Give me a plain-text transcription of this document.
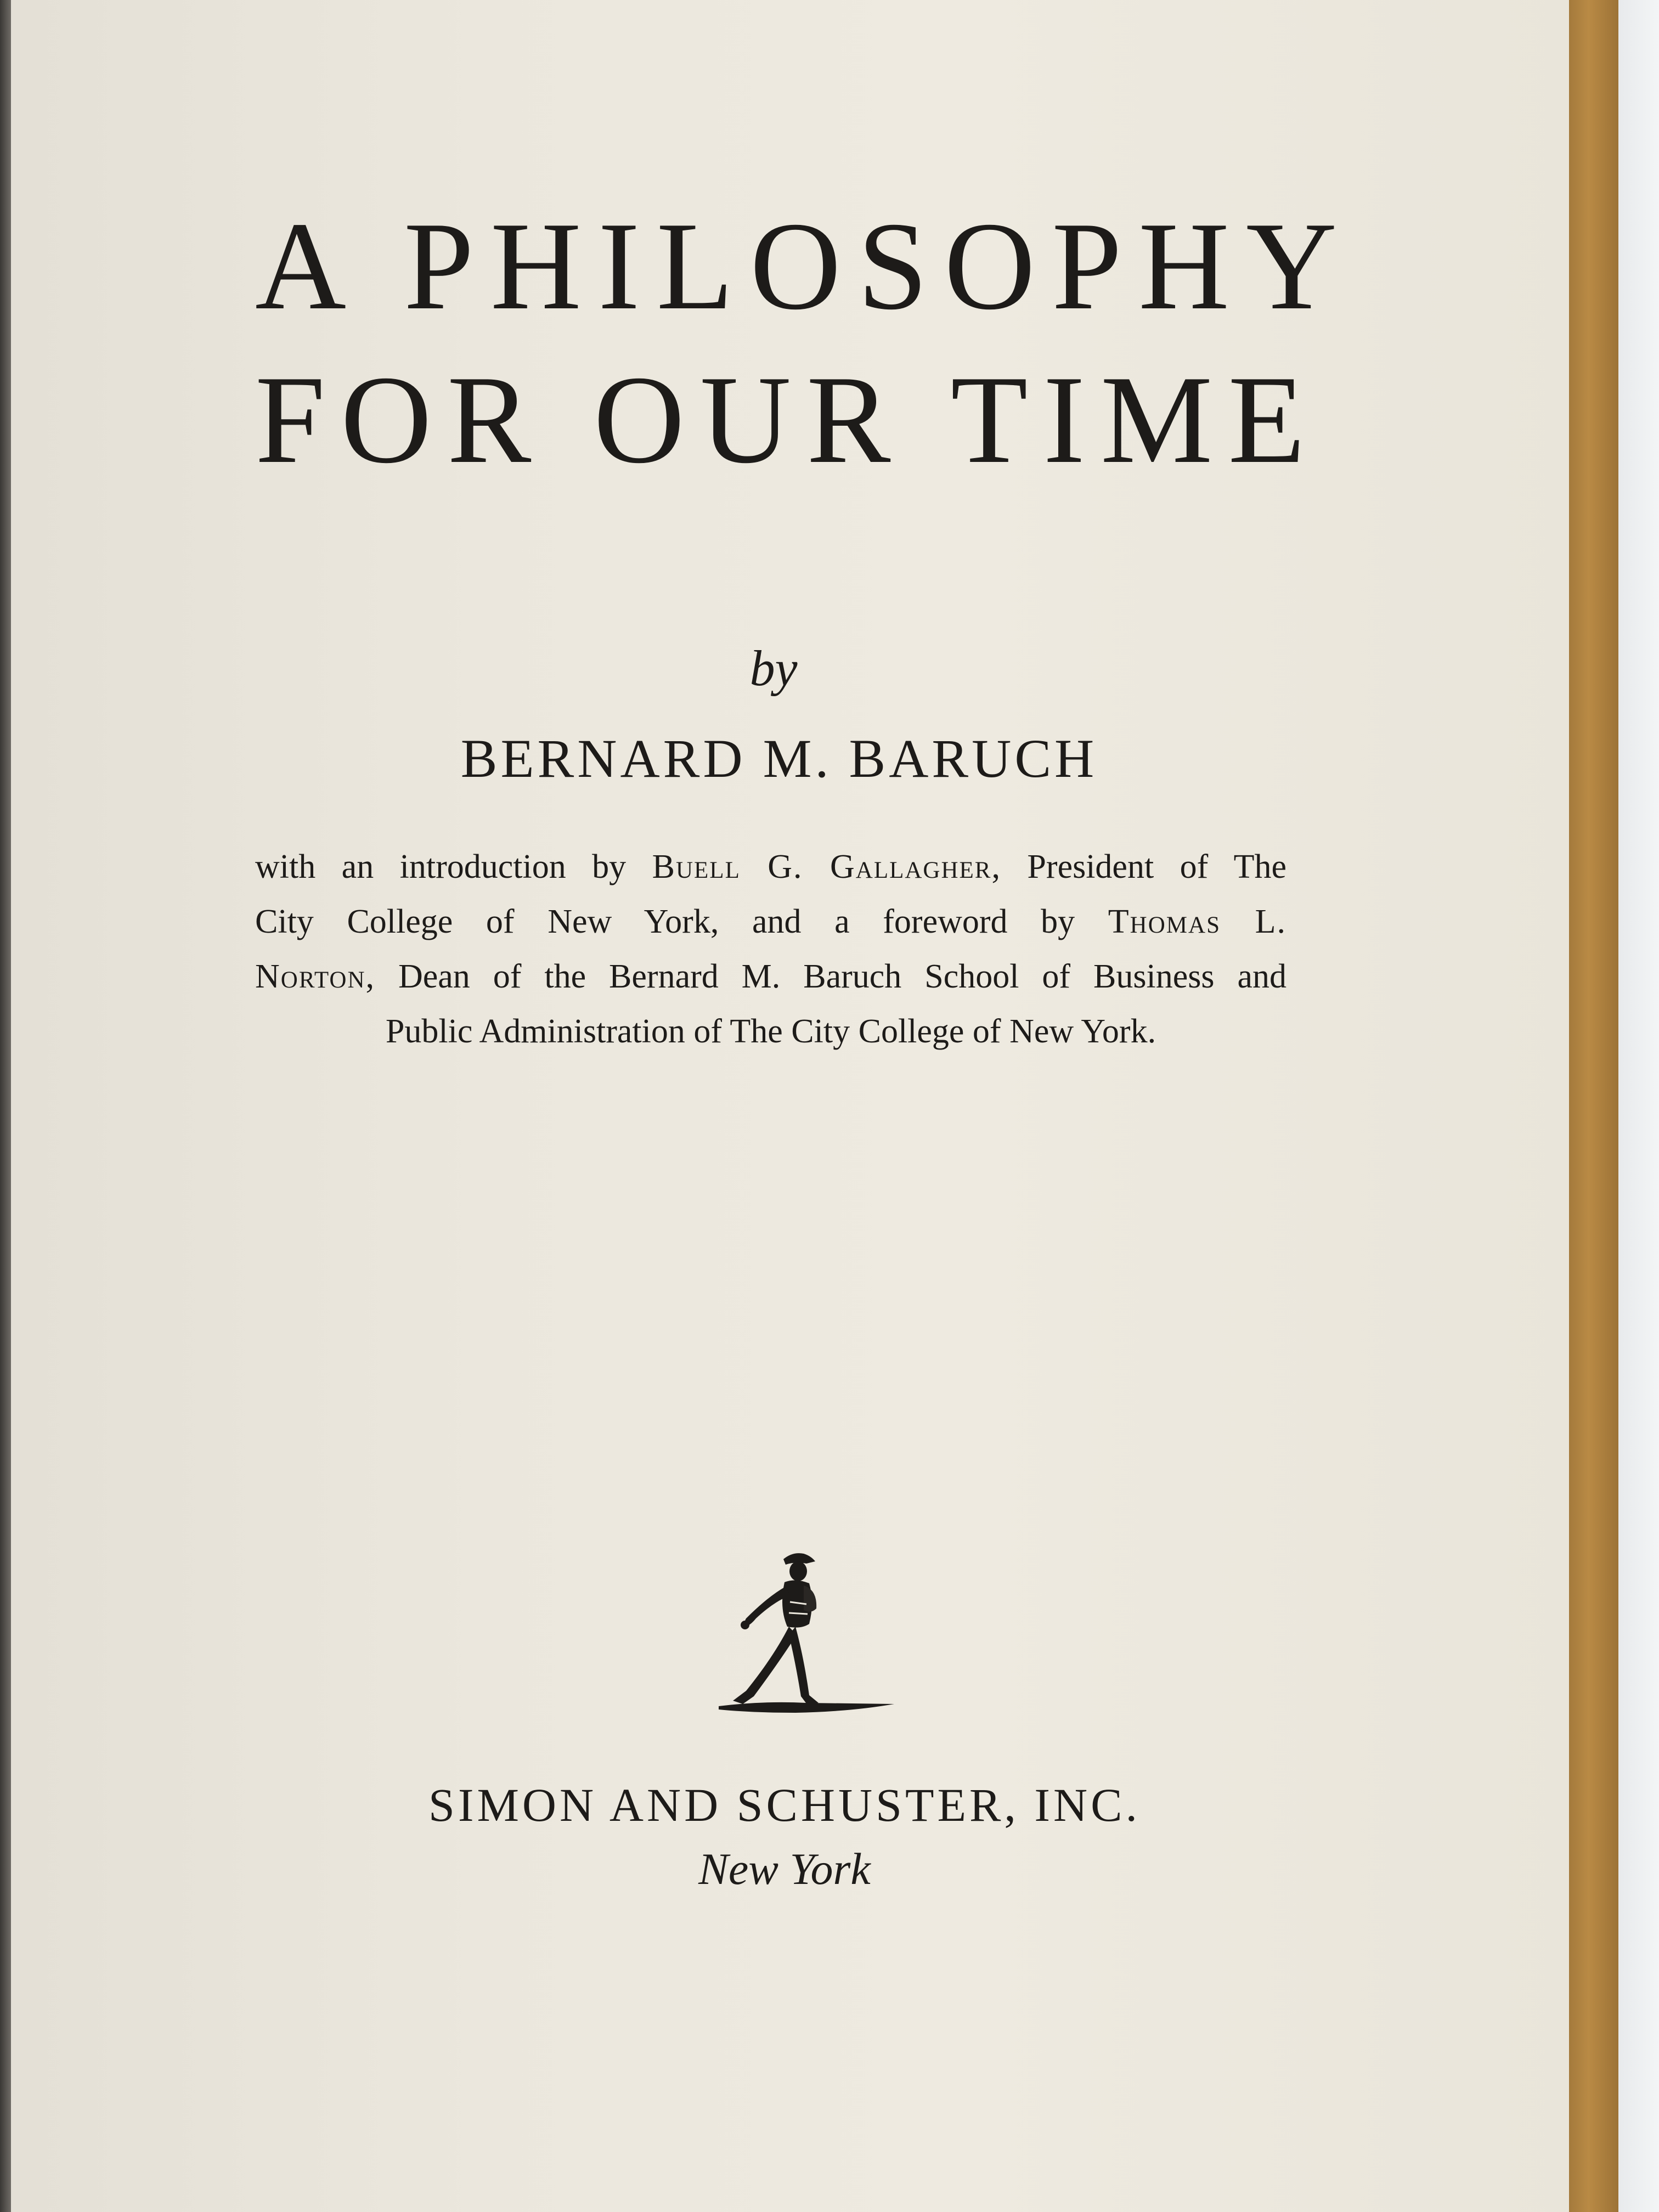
A PHILOSOPHY
FOR OUR TIME
by
BERNARD M. BARUCH
with an introduction by Buell G. Gallagher, President of The
City College of New York, and a foreword by Thomas L.
Norton, Dean of the Bernard M. Baruch School of Business and
Public Administration of The City College of New York.
SIMON AND SCHUSTER, INC.
New York
